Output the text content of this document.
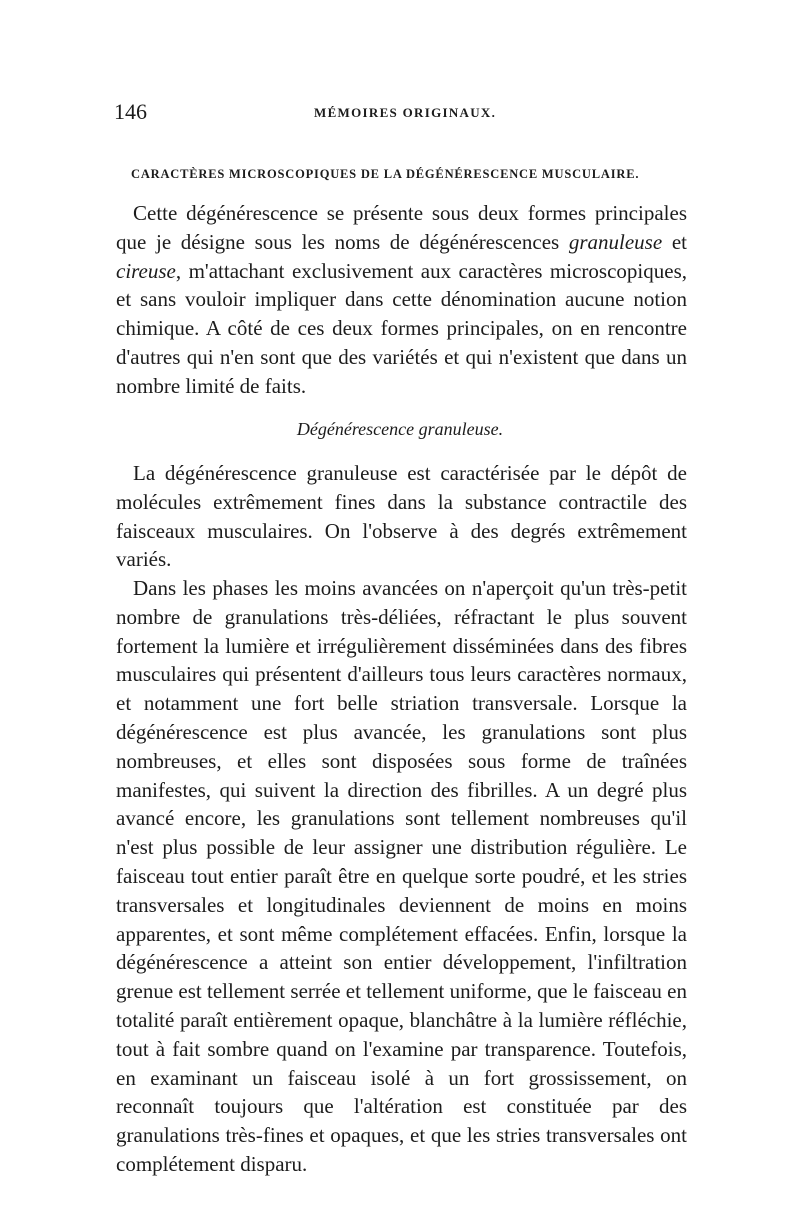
146	MÉMOIRES ORIGINAUX.
CARACTÈRES MICROSCOPIQUES DE LA DÉGÉNÉRESCENCE MUSCULAIRE.

Cette dégénérescence se présente sous deux formes principales que je désigne sous les noms de dégénérescences granuleuse et cireuse, m'attachant exclusivement aux caractères microscopiques, et sans vouloir impliquer dans cette dénomination aucune notion chimique. A côté de ces deux formes principales, on en rencontre d'autres qui n'en sont que des variétés et qui n'existent que dans un nombre limité de faits.

Dégénérescence granuleuse.

La dégénérescence granuleuse est caractérisée par le dépôt de molécules extrêmement fines dans la substance contractile des faisceaux musculaires. On l'observe à des degrés extrêmement variés.

Dans les phases les moins avancées on n'aperçoit qu'un très-petit nombre de granulations très-déliées, réfractant le plus souvent fortement la lumière et irrégulièrement disséminées dans des fibres musculaires qui présentent d'ailleurs tous leurs caractères normaux, et notamment une fort belle striation transversale. Lorsque la dégénérescence est plus avancée, les granulations sont plus nombreuses, et elles sont disposées sous forme de traînées manifestes, qui suivent la direction des fibrilles. A un degré plus avancé encore, les granulations sont tellement nombreuses qu'il n'est plus possible de leur assigner une distribution régulière. Le faisceau tout entier paraît être en quelque sorte poudré, et les stries transversales et longitudinales deviennent de moins en moins apparentes, et sont même complétement effacées. Enfin, lorsque la dégénérescence a atteint son entier développement, l'infiltration grenue est tellement serrée et tellement uniforme, que le faisceau en totalité paraît entièrement opaque, blanchâtre à la lumière réfléchie, tout à fait sombre quand on l'examine par transparence. Toutefois, en examinant un faisceau isolé à un fort grossissement, on reconnaît toujours que l'altération est constituée par des granulations très-fines et opaques, et que les stries transversales ont complétement disparu.
